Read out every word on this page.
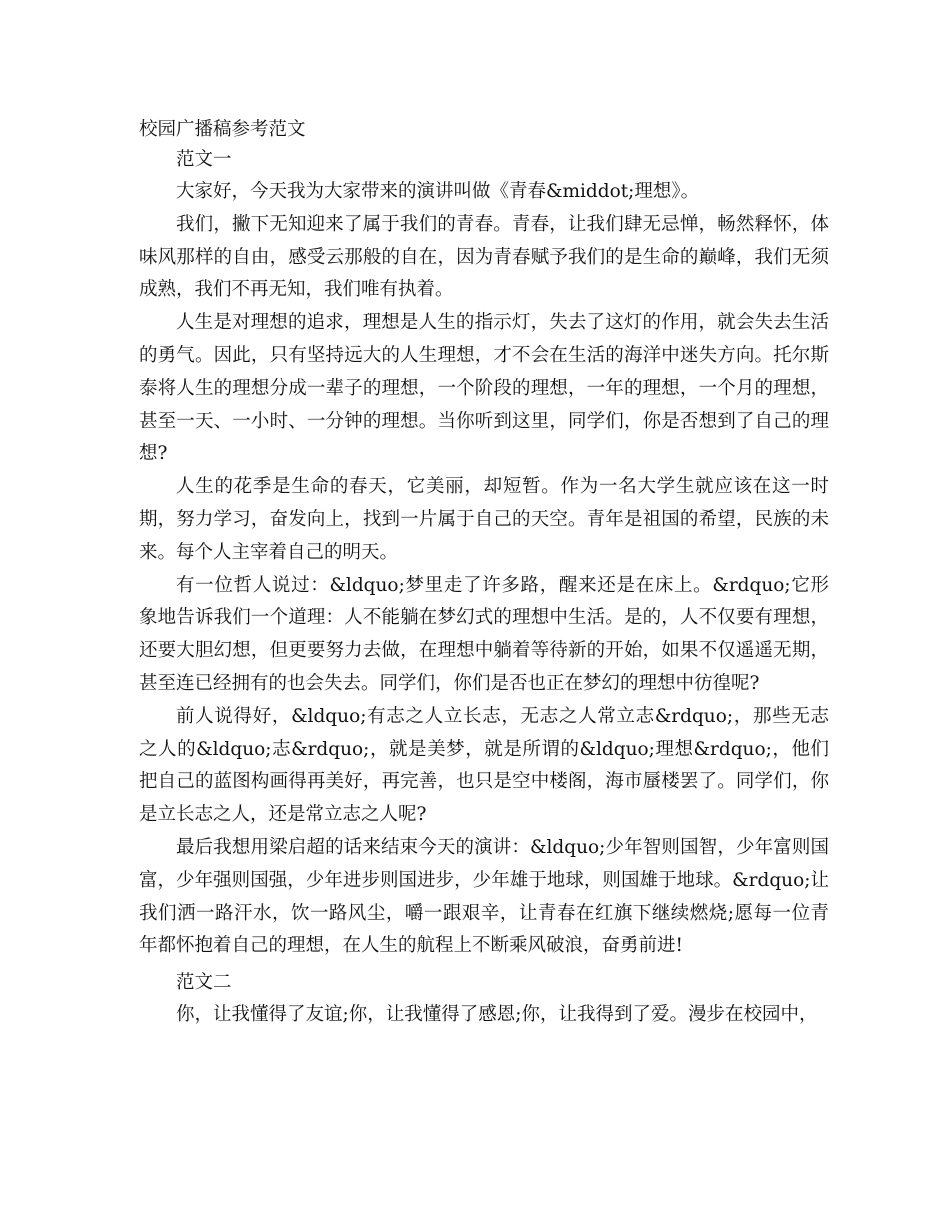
校园广播稿参考范文

范文一

大家好，今天我为大家带来的演讲叫做《青春&middot;理想》。

我们，撇下无知迎来了属于我们的青春。青春，让我们肆无忌惮，畅然释怀，体味风那样的自由，感受云那般的自在，因为青春赋予我们的是生命的巅峰，我们无须成熟，我们不再无知，我们唯有执着。

人生是对理想的追求，理想是人生的指示灯，失去了这灯的作用，就会失去生活的勇气。因此，只有坚持远大的人生理想，才不会在生活的海洋中迷失方向。托尔斯泰将人生的理想分成一辈子的理想，一个阶段的理想，一年的理想，一个月的理想，甚至一天、一小时、一分钟的理想。当你听到这里，同学们，你是否想到了自己的理想?

人生的花季是生命的春天，它美丽，却短暂。作为一名大学生就应该在这一时期，努力学习，奋发向上，找到一片属于自己的天空。青年是祖国的希望，民族的未来。每个人主宰着自己的明天。

有一位哲人说过：&ldquo;梦里走了许多路，醒来还是在床上。&rdquo;它形象地告诉我们一个道理：人不能躺在梦幻式的理想中生活。是的，人不仅要有理想，还要大胆幻想，但更要努力去做，在理想中躺着等待新的开始，如果不仅遥遥无期，甚至连已经拥有的也会失去。同学们，你们是否也正在梦幻的理想中彷徨呢?

前人说得好，&ldquo;有志之人立长志，无志之人常立志&rdquo;，那些无志之人的&ldquo;志&rdquo;，就是美梦，就是所谓的&ldquo;理想&rdquo;，他们把自己的蓝图构画得再美好，再完善，也只是空中楼阁，海市蜃楼罢了。同学们，你是立长志之人，还是常立志之人呢?

最后我想用梁启超的话来结束今天的演讲：&ldquo;少年智则国智，少年富则国富，少年强则国强，少年进步则国进步，少年雄于地球，则国雄于地球。&rdquo;让我们洒一路汗水，饮一路风尘，嚼一跟艰辛，让青春在红旗下继续燃烧;愿每一位青年都怀抱着自己的理想，在人生的航程上不断乘风破浪，奋勇前进!

范文二

你，让我懂得了友谊;你，让我懂得了感恩;你，让我得到了爱。漫步在校园中，
